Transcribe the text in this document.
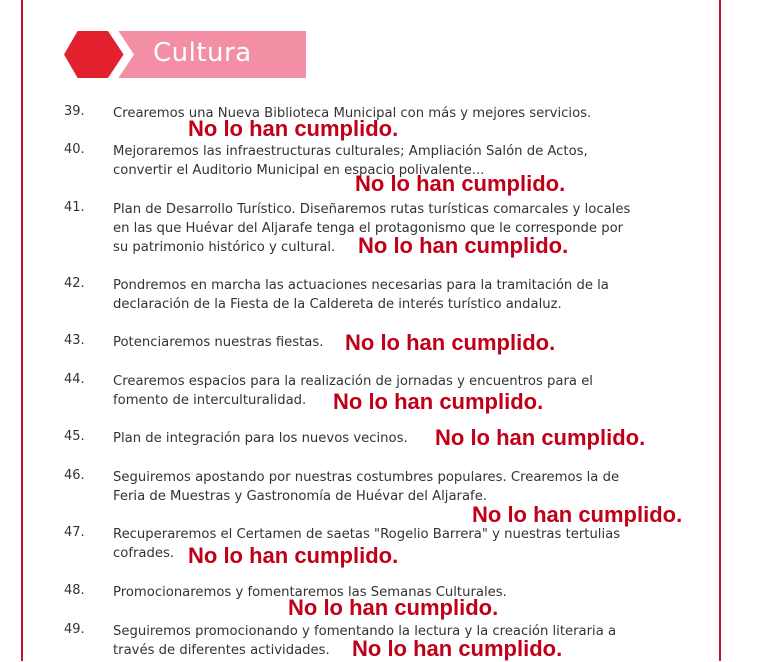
Cultura
39. Crearemos una Nueva Biblioteca Municipal con más y mejores servicios.
40. Mejoraremos las infraestructuras culturales; Ampliación Salón de Actos,
convertir el Auditorio Municipal en espacio polivalente...
41. Plan de Desarrollo Turístico. Diseñaremos rutas turísticas comarcales y locales
en las que Huévar del Aljarafe tenga el protagonismo que le corresponde por
su patrimonio histórico y cultural.
42. Pondremos en marcha las actuaciones necesarias para la tramitación de la
declaración de la Fiesta de la Caldereta de interés turístico andaluz.
43. Potenciaremos nuestras fiestas.
44. Crearemos espacios para la realización de jornadas y encuentros para el
fomento de interculturalidad.
45. Plan de integración para los nuevos vecinos.
46. Seguiremos apostando por nuestras costumbres populares. Crearemos la de
Feria de Muestras y Gastronomía de Huévar del Aljarafe.
47. Recuperaremos el Certamen de saetas "Rogelio Barrera" y nuestras tertulias
cofrades.
48. Promocionaremos y fomentaremos las Semanas Culturales.
49. Seguiremos promocionando y fomentando la lectura y la creación literaria a
través de diferentes actividades.
No lo han cumplido.
No lo han cumplido.
No lo han cumplido.
No lo han cumplido.
No lo han cumplido.
No lo han cumplido.
No lo han cumplido.
No lo han cumplido.
No lo han cumplido.
No lo han cumplido.
